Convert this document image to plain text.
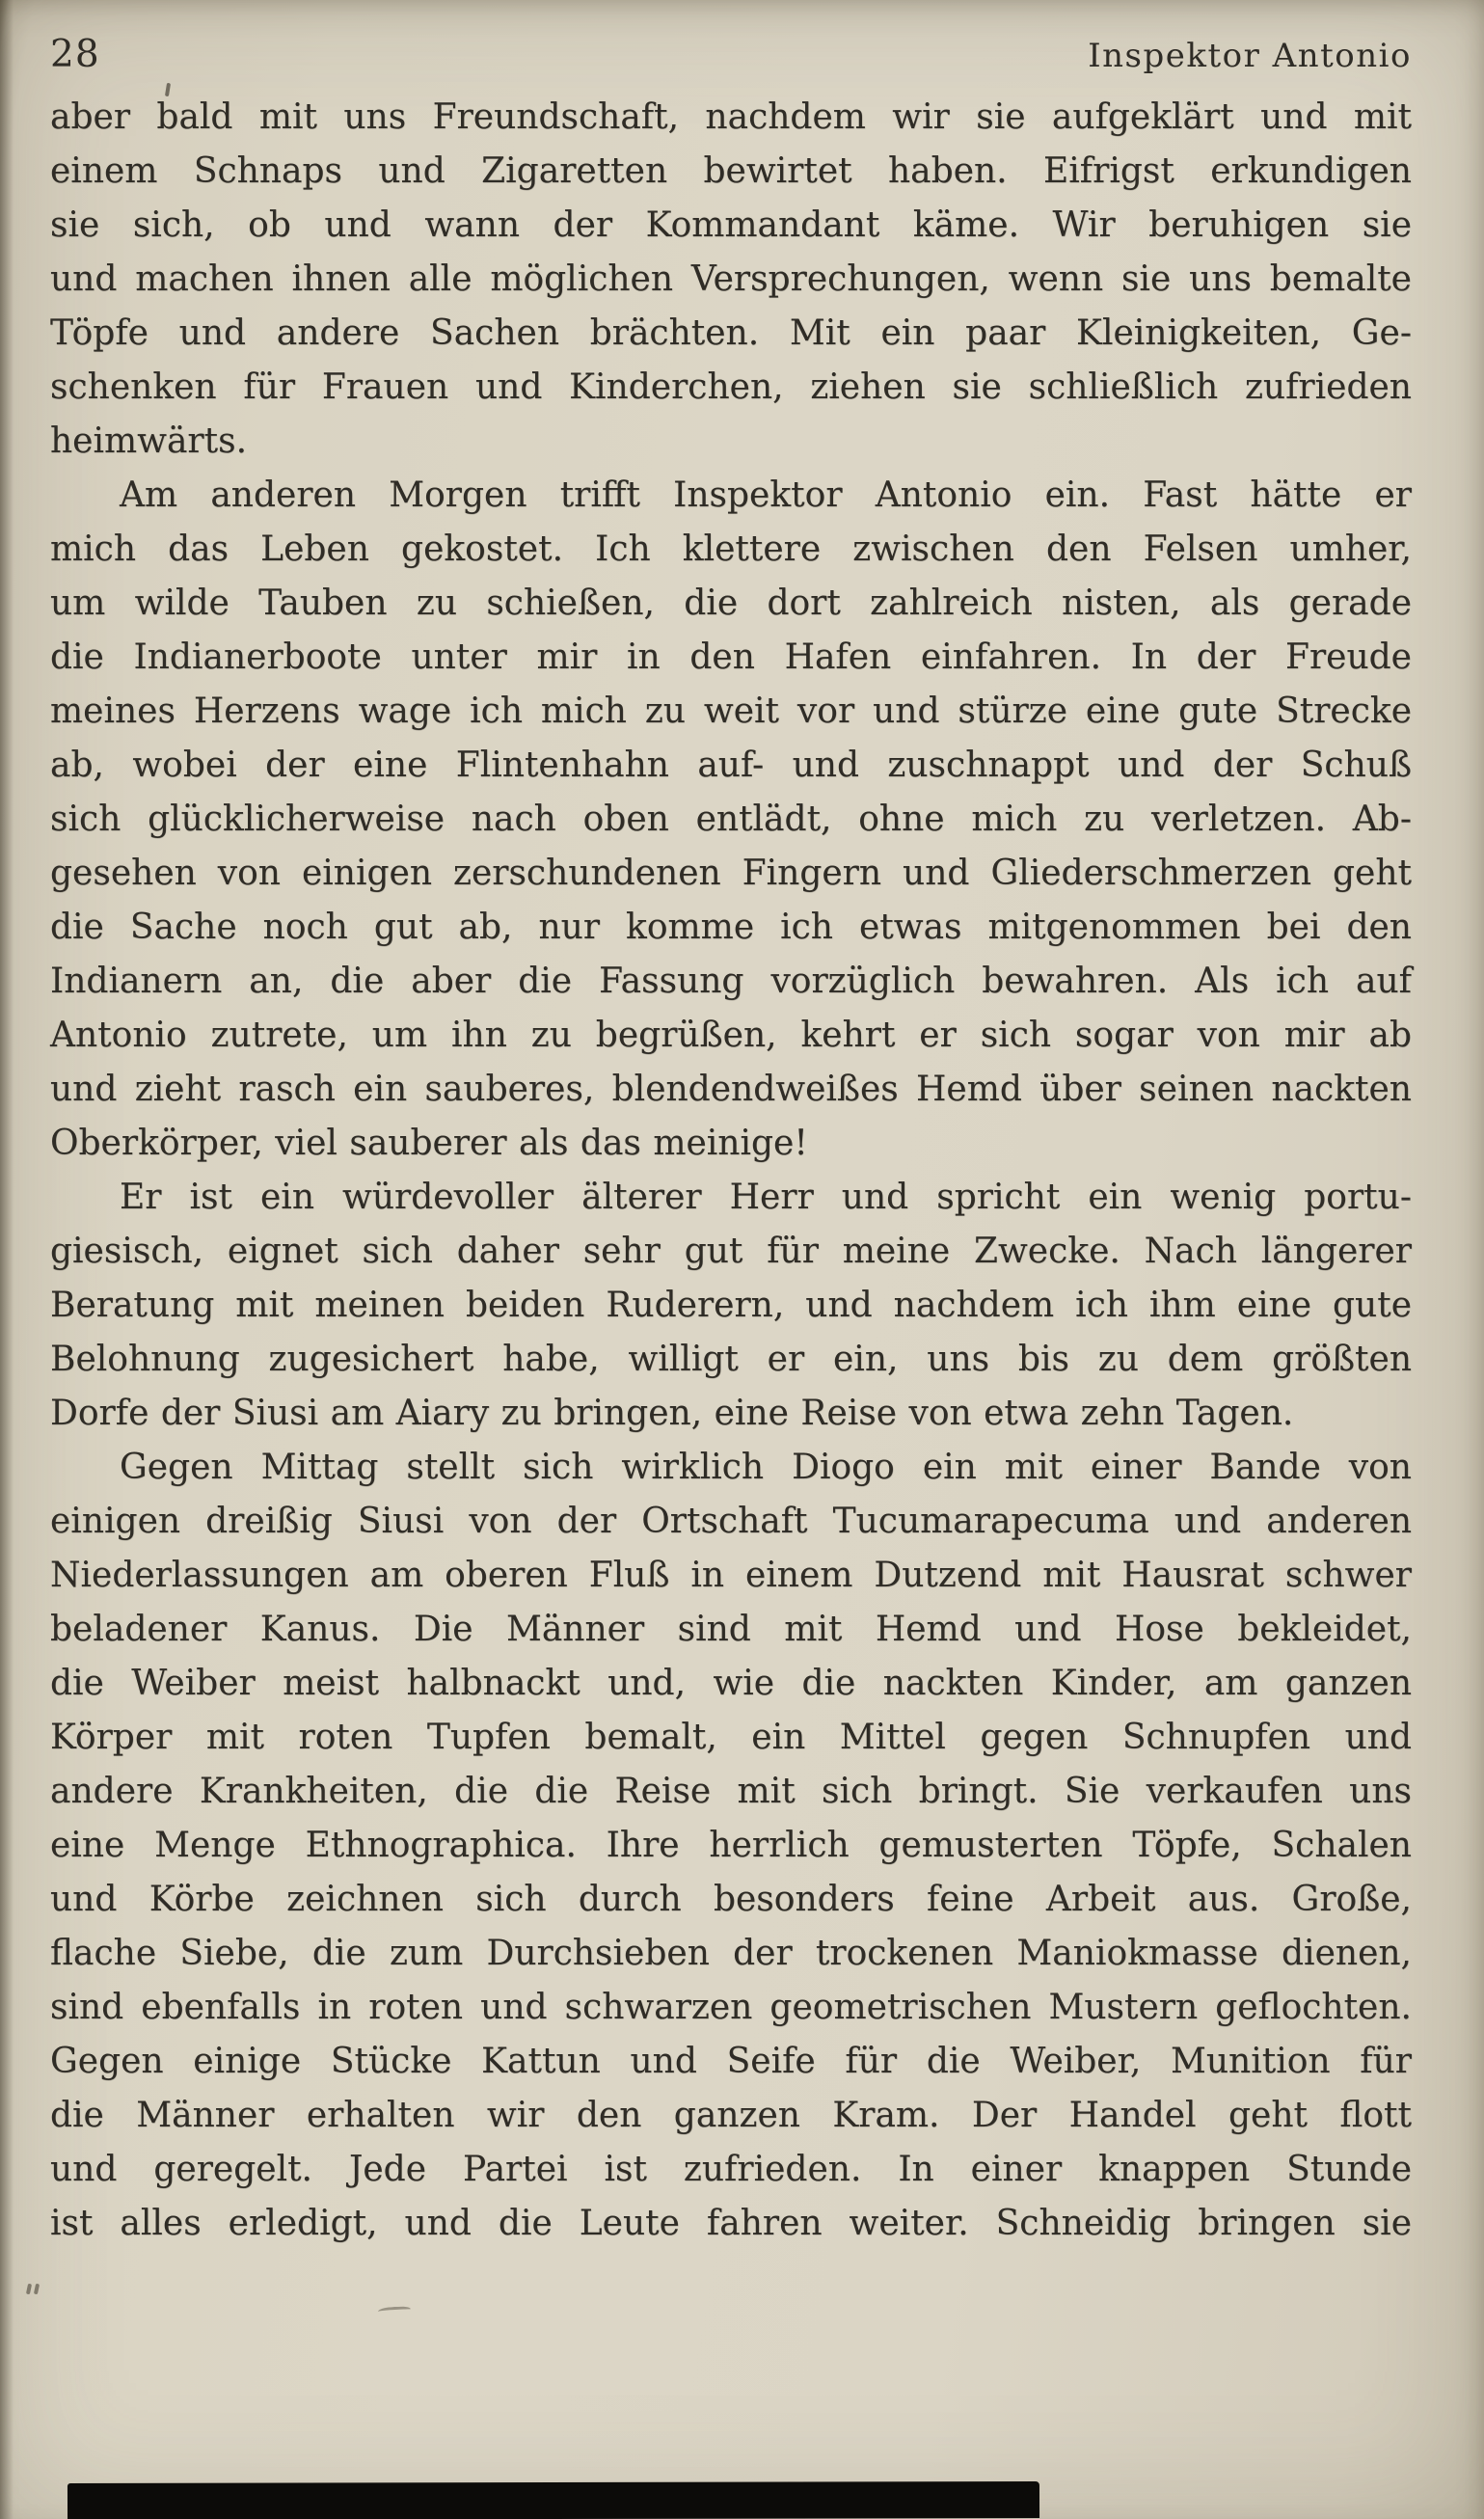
28	Inspektor Antonio
aber bald mit uns Freundschaft, nachdem wir sie aufgeklärt und mit
einem Schnaps und Zigaretten bewirtet haben. Eifrigst erkundigen
sie sich, ob und wann der Kommandant käme. Wir beruhigen sie
und machen ihnen alle möglichen Versprechungen, wenn sie uns bemalte
Töpfe und andere Sachen brächten. Mit ein paar Kleinigkeiten, Ge-
schenken für Frauen und Kinderchen, ziehen sie schließlich zufrieden
heimwärts.
Am anderen Morgen trifft Inspektor Antonio ein. Fast hätte er
mich das Leben gekostet. Ich klettere zwischen den Felsen umher,
um wilde Tauben zu schießen, die dort zahlreich nisten, als gerade
die Indianerboote unter mir in den Hafen einfahren. In der Freude
meines Herzens wage ich mich zu weit vor und stürze eine gute Strecke
ab, wobei der eine Flintenhahn auf- und zuschnappt und der Schuß
sich glücklicherweise nach oben entlädt, ohne mich zu verletzen. Ab-
gesehen von einigen zerschundenen Fingern und Gliederschmerzen geht
die Sache noch gut ab, nur komme ich etwas mitgenommen bei den
Indianern an, die aber die Fassung vorzüglich bewahren. Als ich auf
Antonio zutrete, um ihn zu begrüßen, kehrt er sich sogar von mir ab
und zieht rasch ein sauberes, blendendweißes Hemd über seinen nackten
Oberkörper, viel sauberer als das meinige!
Er ist ein würdevoller älterer Herr und spricht ein wenig portu-
giesisch, eignet sich daher sehr gut für meine Zwecke. Nach längerer
Beratung mit meinen beiden Ruderern, und nachdem ich ihm eine gute
Belohnung zugesichert habe, willigt er ein, uns bis zu dem größten
Dorfe der Siusi am Aiary zu bringen, eine Reise von etwa zehn Tagen.
Gegen Mittag stellt sich wirklich Diogo ein mit einer Bande von
einigen dreißig Siusi von der Ortschaft Tucumarapecuma und anderen
Niederlassungen am oberen Fluß in einem Dutzend mit Hausrat schwer
beladener Kanus. Die Männer sind mit Hemd und Hose bekleidet,
die Weiber meist halbnackt und, wie die nackten Kinder, am ganzen
Körper mit roten Tupfen bemalt, ein Mittel gegen Schnupfen und
andere Krankheiten, die die Reise mit sich bringt. Sie verkaufen uns
eine Menge Ethnographica. Ihre herrlich gemusterten Töpfe, Schalen
und Körbe zeichnen sich durch besonders feine Arbeit aus. Große,
flache Siebe, die zum Durchsieben der trockenen Maniokmasse dienen,
sind ebenfalls in roten und schwarzen geometrischen Mustern geflochten.
Gegen einige Stücke Kattun und Seife für die Weiber, Munition für
die Männer erhalten wir den ganzen Kram. Der Handel geht flott
und geregelt. Jede Partei ist zufrieden. In einer knappen Stunde
ist alles erledigt, und die Leute fahren weiter. Schneidig bringen sie
